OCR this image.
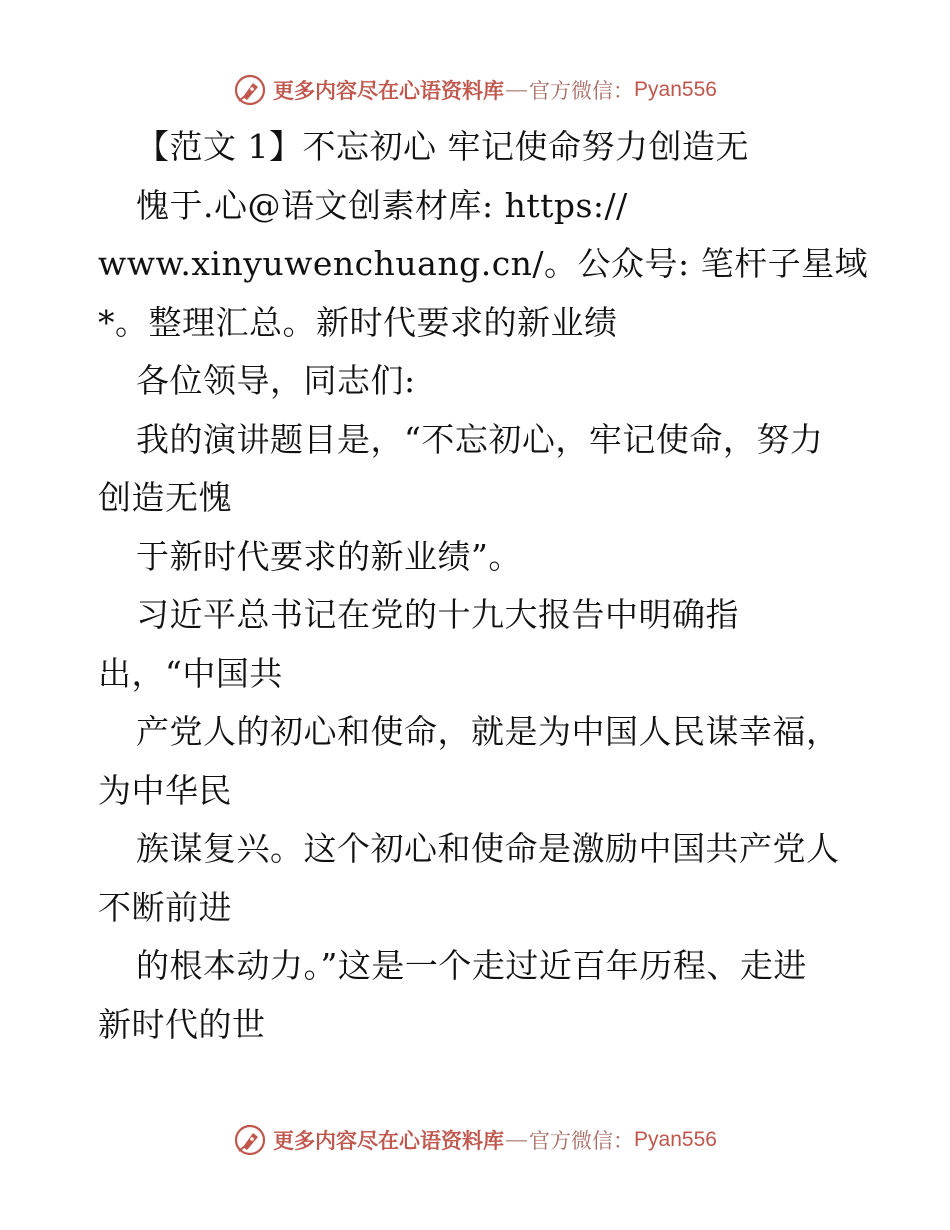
更多内容尽在心语资料库 — 官方微信： Pyan556
【范文 1】不忘初心 牢记使命努力创造无
愧于.心@语文创素材库: https://
www.xinyuwenchuang.cn/。公众号: 笔杆子星域
*。整理汇总。新时代要求的新业绩
各位领导，同志们:
我的演讲题目是，“不忘初心，牢记使命，努力
创造无愧
于新时代要求的新业绩”。
习近平总书记在党的十九大报告中明确指
出，“中国共
产党人的初心和使命，就是为中国人民谋幸福，
为中华民
族谋复兴。这个初心和使命是激励中国共产党人
不断前进
的根本动力。”这是一个走过近百年历程、走进
新时代的世
更多内容尽在心语资料库 — 官方微信： Pyan556
